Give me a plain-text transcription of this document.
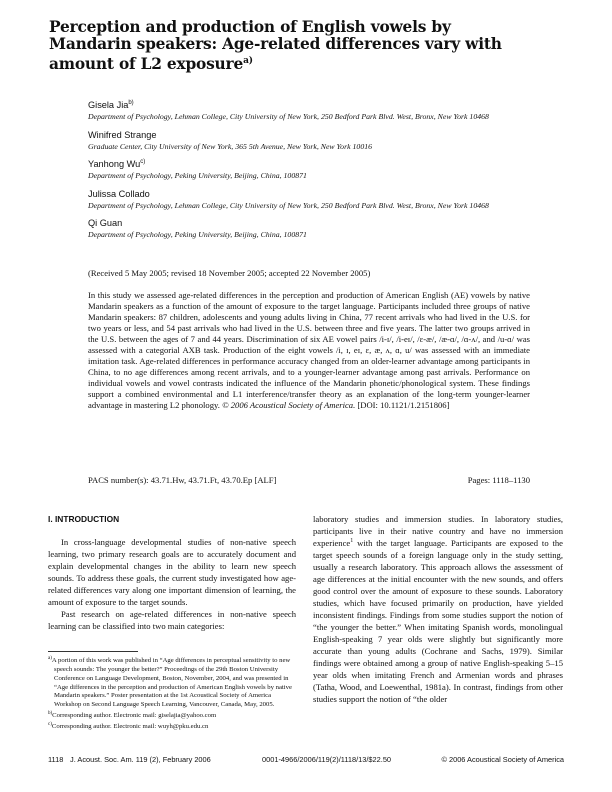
Perception and production of English vowels by Mandarin speakers: Age-related differences vary with amount of L2 exposure$^{a)}$
Gisela Jia$^{b)}$
Department of Psychology, Lehman College, City University of New York, 250 Bedford Park Blvd. West, Bronx, New York 10468
Winifred Strange
Graduate Center, City University of New York, 365 5th Avenue, New York, New York 10016
Yanhong Wu$^{c)}$
Department of Psychology, Peking University, Beijing, China, 100871
Julissa Collado
Department of Psychology, Lehman College, City University of New York, 250 Bedford Park Blvd. West, Bronx, New York 10468
Qi Guan
Department of Psychology, Peking University, Beijing, China, 100871
(Received 5 May 2005; revised 18 November 2005; accepted 22 November 2005)

In this study we assessed age-related differences in the perception and production of American English (AE) vowels by native Mandarin speakers as a function of the amount of exposure to the target language. Participants included three groups of native Mandarin speakers: 87 children, adolescents and young adults living in China, 77 recent arrivals who had lived in the U.S. for two years or less, and 54 past arrivals who had lived in the U.S. between three and five years. The latter two groups arrived in the U.S. between the ages of 7 and 44 years. Discrimination of six AE vowel pairs /i-ɪ/, /i-eɪ/, /ɛ-æ/, /æ-ɑ/, /ɑ-ʌ/, and /u-ɑ/ was assessed with a categorial AXB task. Production of the eight vowels /i, ɪ, eɪ, ɛ, æ, ʌ, ɑ, u/ was assessed with an immediate imitation task. Age-related differences in performance accuracy changed from an older-learner advantage among participants in China, to no age differences among recent arrivals, and to a younger-learner advantage among past arrivals. Performance on individual vowels and vowel contrasts indicated the influence of the Mandarin phonetic/phonological system. These findings support a combined environmental and L1 interference/transfer theory as an explanation of the long-term younger-learner advantage in mastering L2 phonology. © 2006 Acoustical Society of America. [DOI: 10.1121/1.2151806]

PACS number(s): 43.71.Hw, 43.71.Ft, 43.70.Ep [ALF]	Pages: 1118–1130
I. INTRODUCTION

In cross-language developmental studies of non-native speech learning, two primary research goals are to accurately document and explain developmental changes in the ability to learn new speech sounds. To address these goals, the current study investigated how age-related differences vary along one important dimension of learning, the amount of exposure to the target sounds.

Past research on age-related differences in non-native speech learning can be classified into two main categories:

laboratory studies and immersion studies. In laboratory studies, participants live in their native country and have no immersion experience$^1$ with the target language. Participants are exposed to the target speech sounds of a foreign language only in the study setting, usually a research laboratory. This approach allows the assessment of age differences at the initial encounter with the new sounds, and offers good control over the amount of exposure to these sounds. Laboratory studies, which have focused primarily on production, have yielded inconsistent findings. Findings from some studies support the notion of “the younger the better.” When imitating Spanish words, monolingual English-speaking 7 year olds were slightly but significantly more accurate than young adults (Cochrane and Sachs, 1979). Similar findings were obtained among a group of native English-speaking 5–15 year olds when imitating French and Armenian words and phrases (Tatha, Wood, and Loewenthal, 1981a). In contrast, findings from other studies support the notion of “the older

$^{a)}$A portion of this work was published in “Age differences in perceptual sensitivity to new speech sounds: The younger the better?” Proceedings of the 29th Boston University Conference on Language Development, Boston, November, 2004, and was presented in “Age differences in the perception and production of American English vowels by native Mandarin speakers.” Poster presentation at the 1st Acoustical Society of America Workshop on Second Language Speech Learning, Vancouver, Canada, May, 2005.

$^{b)}$Corresponding author. Electronic mail: giselajia@yahoo.com

$^{c)}$Corresponding author. Electronic mail: wuyh@pku.edu.cn

1118 J. Acoust. Soc. Am. 119 (2), February 2006	0001-4966/2006/119(2)/1118/13/$22.50	© 2006 Acoustical Society of America
